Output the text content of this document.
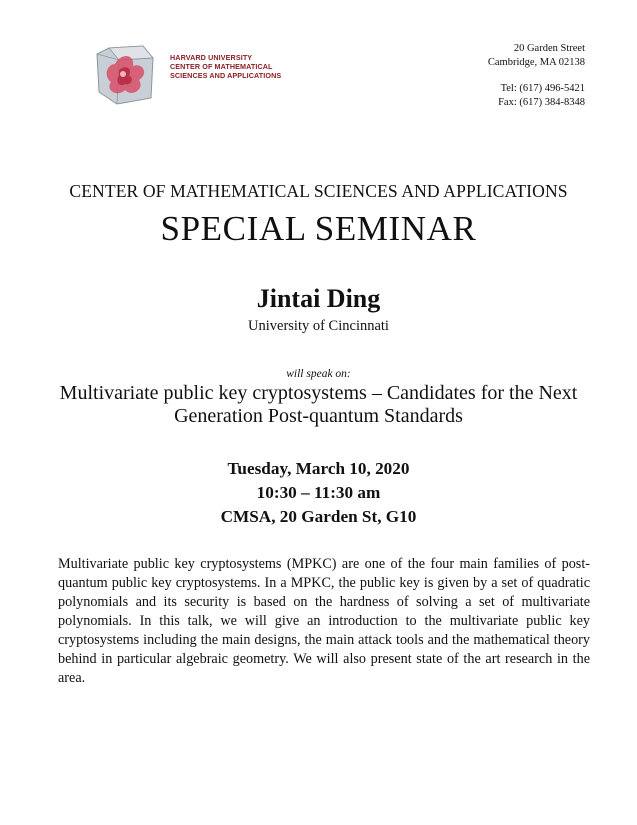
HARVARD UNIVERSITY
CENTER OF MATHEMATICAL
SCIENCES AND APPLICATIONS
20 Garden Street
Cambridge, MA 02138
Tel: (617) 496-5421
Fax: (617) 384-8348
CENTER OF MATHEMATICAL SCIENCES AND APPLICATIONS
SPECIAL SEMINAR
Jintai Ding
University of Cincinnati
will speak on:
Multivariate public key cryptosystems – Candidates for the Next
Generation Post-quantum Standards
Tuesday, March 10, 2020
10:30 – 11:30 am
CMSA, 20 Garden St, G10
Multivariate public key cryptosystems (MPKC) are one of the four main families of post-quantum public key cryptosystems. In a MPKC, the public key is given by a set of quadratic polynomials and its security is based on the hardness of solving a set of multivariate polynomials. In this talk, we will give an introduction to the multivariate public key cryptosystems including the main designs, the main attack tools and the mathematical theory behind in particular algebraic geometry. We will also present state of the art research in the area.
